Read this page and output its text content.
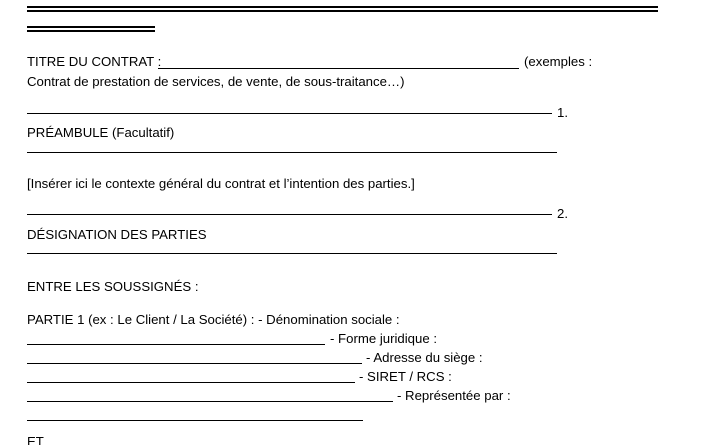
TITRE DU CONTRAT :	(exemples :
Contrat de prestation de services, de vente, de sous-traitance…)
1.
PRÉAMBULE (Facultatif)
[Insérer ici le contexte général du contrat et l’intention des parties.]
2.
DÉSIGNATION DES PARTIES
ENTRE LES SOUSSIGNÉS :
PARTIE 1 (ex : Le Client / La Société) : - Dénomination sociale :
- Forme juridique :
- Adresse du siège :
- SIRET / RCS :
- Représentée par :
ET
